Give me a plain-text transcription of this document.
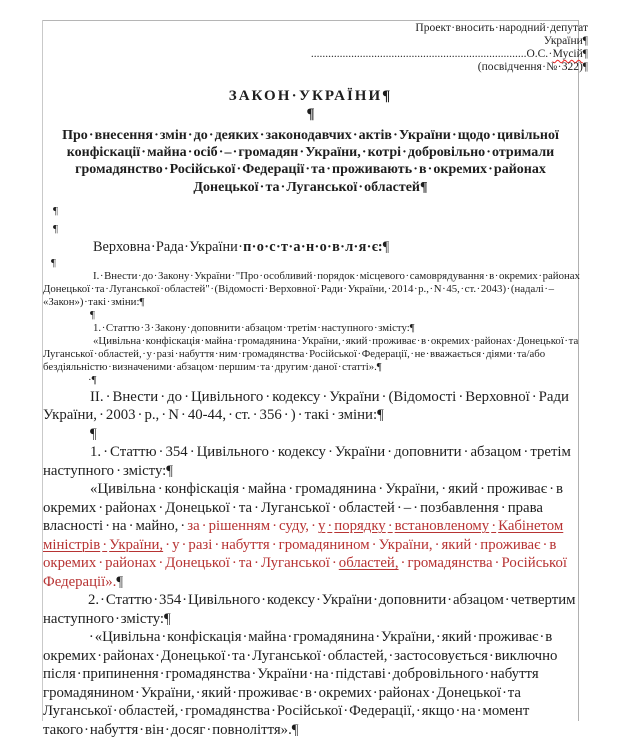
Проект·вносить·народний·депутат
України¶
...........................................................................О.С.·Мусій¶
(посвідчення·№·322)¶
ЗАКОН·УКРАЇНИ¶
¶
Про·внесення·змін·до·деяких·законодавчих·актів·України·щодо·цивільної
конфіскації·майна·осіб·–·громадян·України,·котрі·добровільно·отримали
громадянство·Російської·Федерації·та·проживають·в·окремих·районах
Донецької·та·Луганської·областей¶
¶
¶
Верховна·Рада·України·п·о·с·т·а·н·о·в·л·я·є:¶
¶
І.·Внести·до·Закону·України·"Про·особливий·порядок·місцевого·самоврядування·в·окремих·районах
Донецької·та·Луганської·областей"·(Відомості·Верховної·Ради·України,·2014·р.,·N·45,·ст.·2043)·(надалі·–
«Закон»)·такі·зміни:¶
¶
1.·Статтю·3·Закону·доповнити·абзацом·третім·наступного·змісту:¶
«Цивільна·конфіскація·майна·громадянина·України,·який·проживає·в·окремих·районах·Донецької·та
Луганської·областей,·у·разі·набуття·ним·громадянства·Російської·Федерації,·не·вважається·діями·та/або
бездіяльністю·визначеними·абзацом·першим·та·другим·даної·статті».¶
·¶
ІІ. · Внести · до · Цивільного · кодексу · України · (Відомості · Верховної · Ради
України, · 2003 · р., · N · 40-44, · ст. · 356 · ) · такі · зміни:¶
¶
1. · Статтю · 354 · Цивільного · кодексу · України · доповнити · абзацом · третім
наступного · змісту:¶
«Цивільна · конфіскація · майна · громадянина · України, · який · проживає · в
окремих · районах · Донецької · та · Луганської · областей · – · позбавлення · права
власності · на · майно, · за · рішенням · суду, · у · порядку · встановленому · Кабінетом
міністрів · України, · у · разі · набуття · громадянином · України, · який · проживає · в
окремих · районах · Донецької · та · Луганської · областей, · громадянства · Російської
Федерації».¶
2.·Статтю·354·Цивільного·кодексу·України·доповнити·абзацом·четвертим
наступного·змісту:¶
·«Цивільна·конфіскація·майна·громадянина·України,·який·проживає·в
окремих·районах·Донецької·та·Луганської·областей,·застосовується·виключно
після·припинення·громадянства·України·на·підставі·добровільного·набуття
громадянином·України,·який·проживає·в·окремих·районах·Донецької·та
Луганської·областей,·громадянства·Російської·Федерації,·якщо·на·момент
такого·набуття·він·досяг·повноліття».¶
